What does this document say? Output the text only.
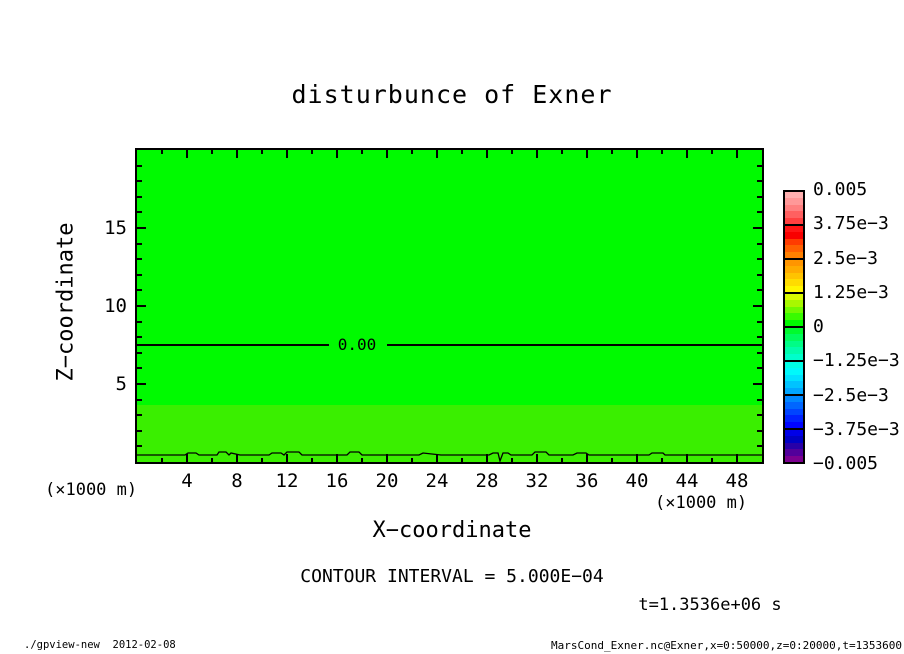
disturbunce of Exner
Z−coordinate	0.00
4 8 12 16 20 24 28 32 36 40 44 48
5
10
15
(×1000 m)
(×1000 m)
X−coordinate
0.005
3.75e−3
2.5e−3
1.25e−3
0
−1.25e−3
−2.5e−3
−3.75e−3
−0.005
CONTOUR INTERVAL = 5.000E−04
t=1.3536e+06 s
./gpview-new  2012-02-08	MarsCond_Exner.nc@Exner,x=0:50000,z=0:20000,t=1353600
